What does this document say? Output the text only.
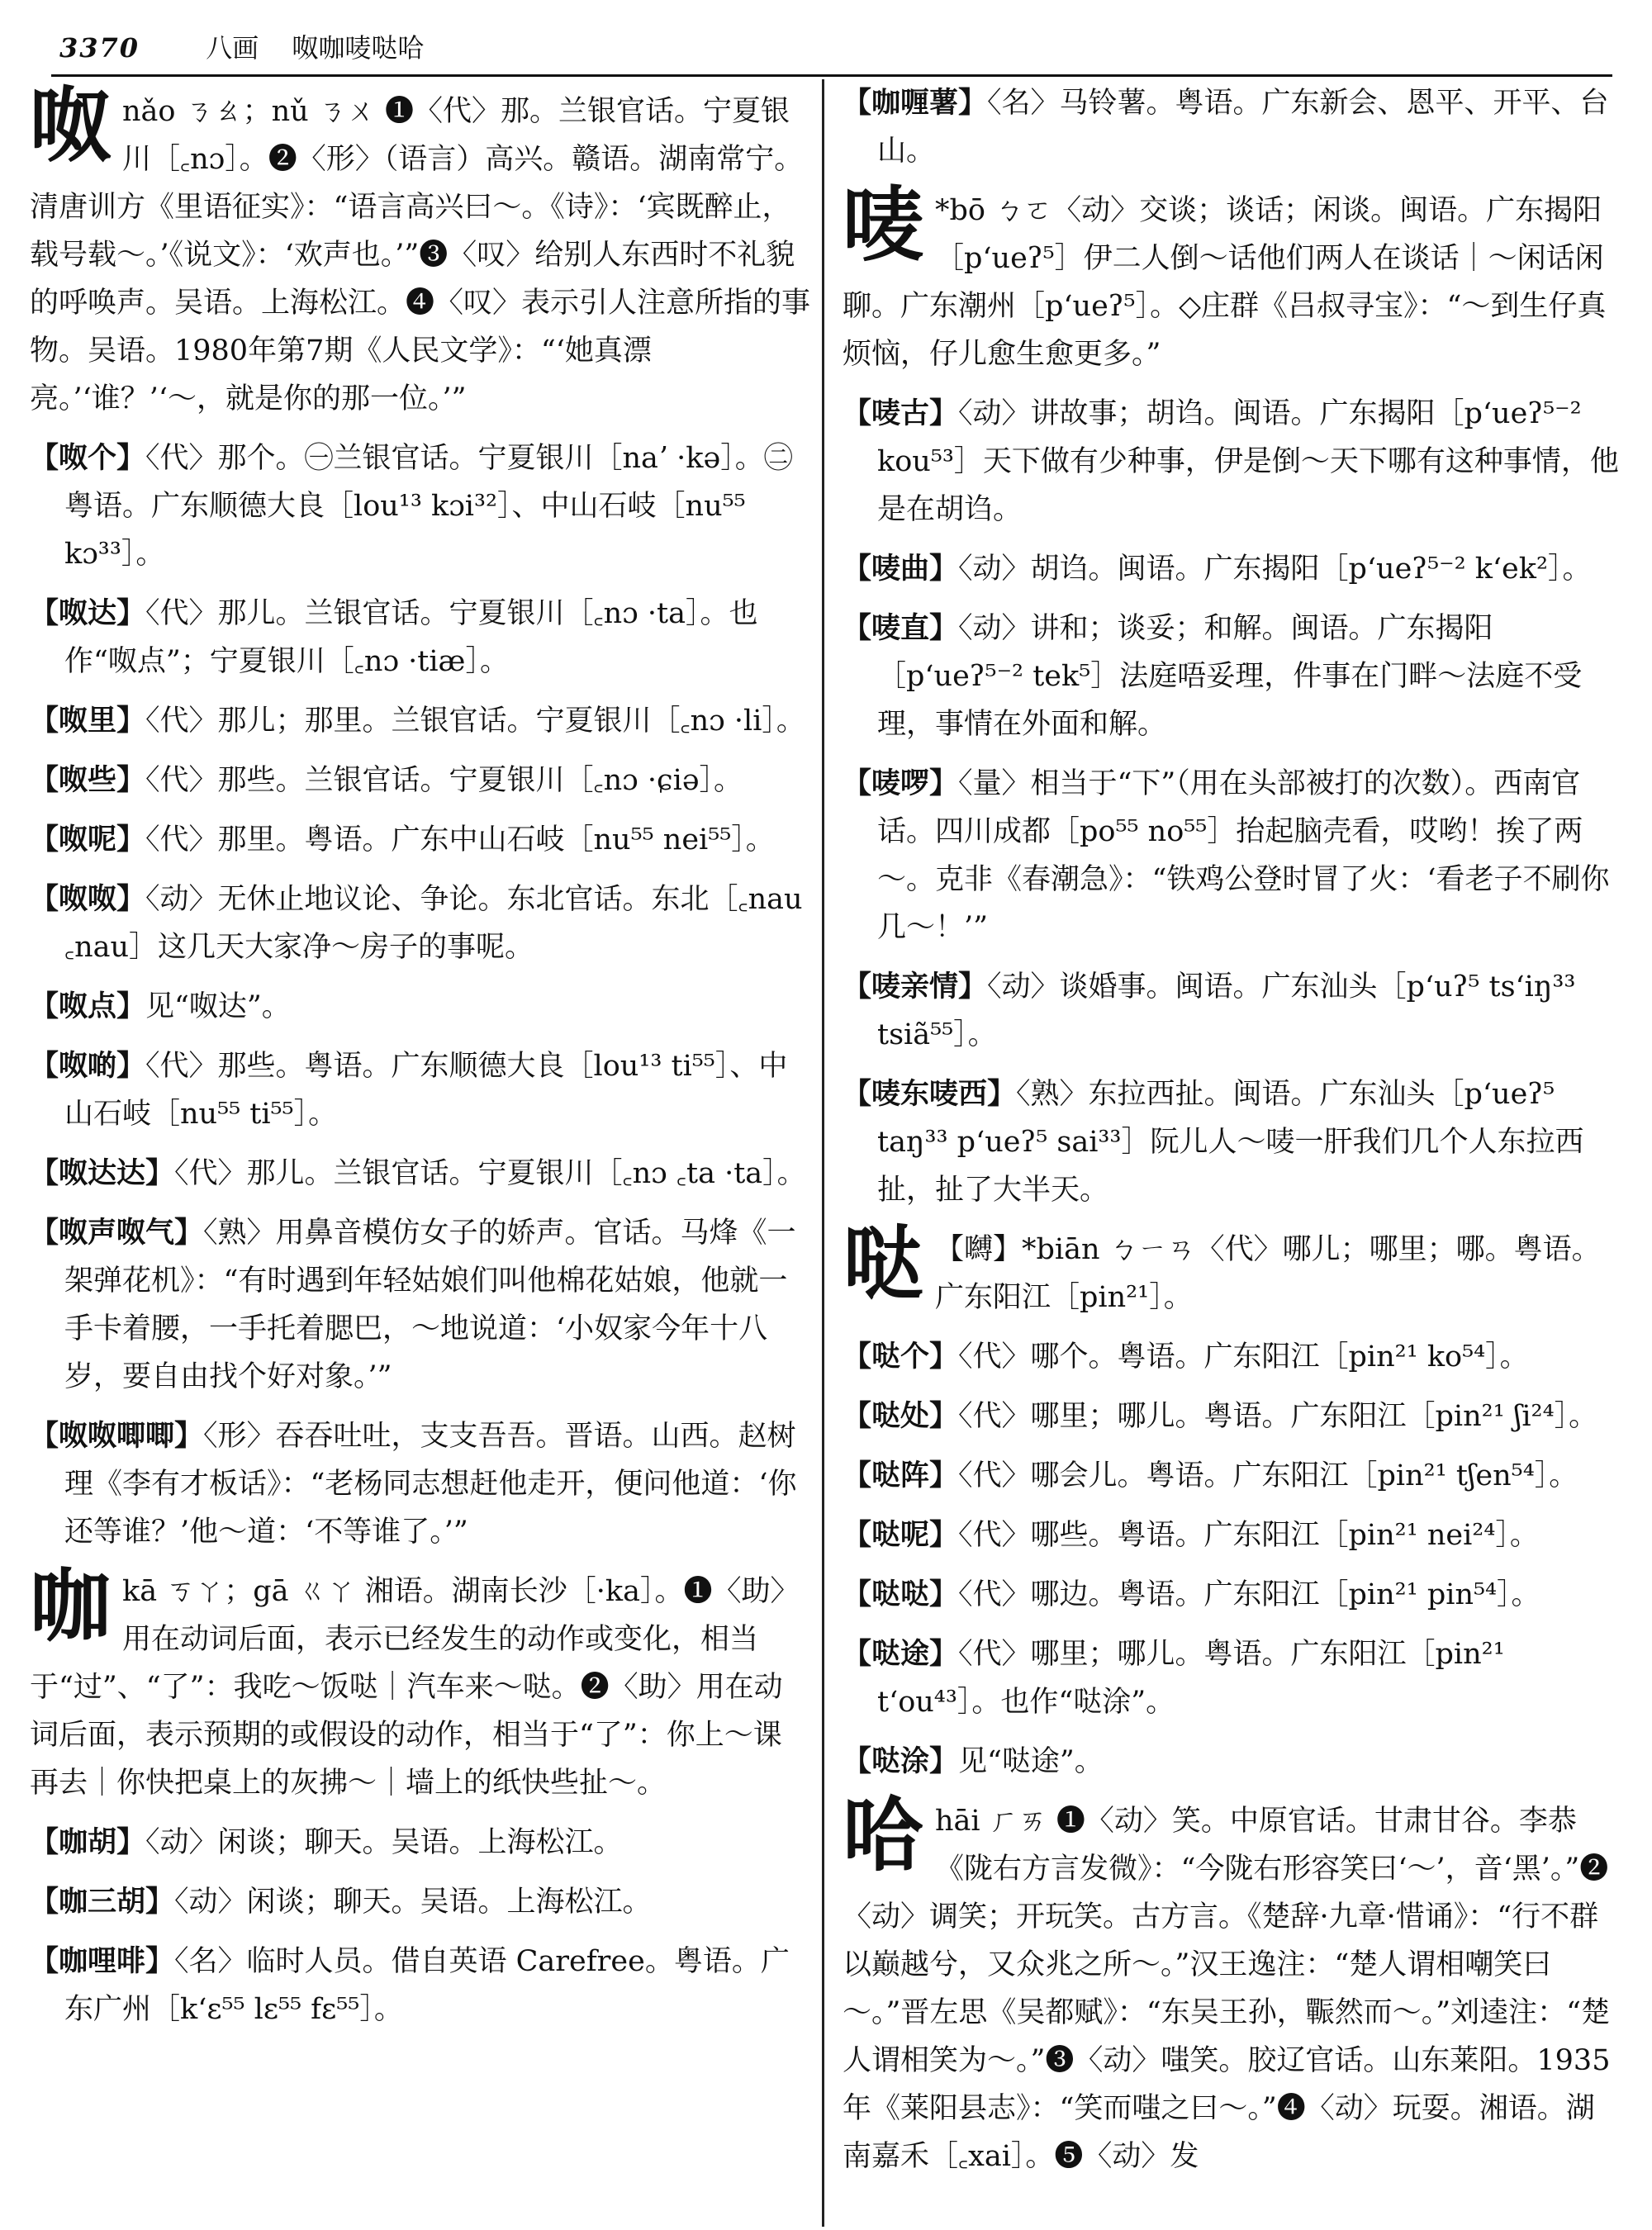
3370	八画 呶咖唛哒哈
呶nǎo ㄋㄠ；nǔ ㄋㄨ ❶〈代〉那。兰银官话。宁夏银川［꜀nɔ］。❷〈形〉（语言）高兴。赣语。湖南常宁。清唐训方《里语征实》：“语言高兴曰～。《诗》：‘宾既醉止，载号载～。’《说文》：‘欢声也。’”❸〈叹〉给别人东西时不礼貌的呼唤声。吴语。上海松江。❹〈叹〉表示引人注意所指的事物。吴语。1980年第7期《人民文学》：“‘她真漂亮。’‘谁？’‘～，就是你的那一位。’”
【呶个】〈代〉那个。㊀兰银官话。宁夏银川［naʼ ·kə］。㊁粤语。广东顺德大良［lou¹³ kɔi³²］、中山石岐［nu⁵⁵ kɔ³³］。
【呶达】〈代〉那儿。兰银官话。宁夏银川［꜀nɔ ·ta］。也作“呶点”；宁夏银川［꜀nɔ ·tiæ］。
【呶里】〈代〉那儿；那里。兰银官话。宁夏银川［꜀nɔ ·li］。
【呶些】〈代〉那些。兰银官话。宁夏银川［꜀nɔ ·ɕiə］。
【呶呢】〈代〉那里。粤语。广东中山石岐［nu⁵⁵ nei⁵⁵］。
【呶呶】〈动〉无休止地议论、争论。东北官话。东北［꜀nau ꜀nau］这几天大家净～房子的事呢。
【呶点】见“呶达”。
【呶啲】〈代〉那些。粤语。广东顺德大良［lou¹³ ti⁵⁵］、中山石岐［nu⁵⁵ ti⁵⁵］。
【呶达达】〈代〉那儿。兰银官话。宁夏银川［꜀nɔ ꜀ta ·ta］。
【呶声呶气】〈熟〉用鼻音模仿女子的娇声。官话。马烽《一架弹花机》：“有时遇到年轻姑娘们叫他棉花姑娘，他就一手卡着腰，一手托着腮巴，～地说道：‘小奴家今年十八岁，要自由找个好对象。’”
【呶呶唧唧】〈形〉吞吞吐吐，支支吾吾。晋语。山西。赵树理《李有才板话》：“老杨同志想赶他走开，便问他道：‘你还等谁？’他～道：‘不等谁了。’”
咖kā ㄎㄚ；gā ㄍㄚ 湘语。湖南长沙［·ka］。❶〈助〉用在动词后面，表示已经发生的动作或变化，相当于“过”、“了”：我吃～饭哒｜汽车来～哒。❷〈助〉用在动词后面，表示预期的或假设的动作，相当于“了”：你上～课再去｜你快把桌上的灰拂～｜墙上的纸快些扯～。
【咖胡】〈动〉闲谈；聊天。吴语。上海松江。
【咖三胡】〈动〉闲谈；聊天。吴语。上海松江。
【咖哩啡】〈名〉临时人员。借自英语 Carefree。粤语。广东广州［k‘ɛ⁵⁵ lɛ⁵⁵ fɛ⁵⁵］。
【咖喱薯】〈名〉马铃薯。粤语。广东新会、恩平、开平、台山。
唛 *bō ㄅㄛ〈动〉交谈；谈话；闲谈。闽语。广东揭阳［p‘ueʔ⁵］伊二人倒～话他们两人在谈话｜～闲话闲聊。广东潮州［p‘ueʔ⁵］。◇庄群《吕叔寻宝》：“～到生仔真烦恼，仔儿愈生愈更多。”
【唛古】〈动〉讲故事；胡诌。闽语。广东揭阳［p‘ueʔ⁵⁻² kou⁵³］天下做有少种事，伊是倒～天下哪有这种事情，他是在胡诌。
【唛曲】〈动〉胡诌。闽语。广东揭阳［p‘ueʔ⁵⁻² k‘ek²］。
【唛直】〈动〉讲和；谈妥；和解。闽语。广东揭阳［p‘ueʔ⁵⁻² tek⁵］法庭唔妥理，件事在门畔～法庭不受理，事情在外面和解。
【唛啰】〈量〉相当于“下”（用在头部被打的次数）。西南官话。四川成都［po⁵⁵ no⁵⁵］抬起脑壳看，哎哟！挨了两～。克非《春潮急》：“铁鸡公登时冒了火：‘看老子不刷你几～！’”
【唛亲情】〈动〉谈婚事。闽语。广东汕头［p‘uʔ⁵ ts‘iŋ³³ tsiã⁵⁵］。
【唛东唛西】〈熟〉东拉西扯。闽语。广东汕头［p‘ueʔ⁵ taŋ³³ p‘ueʔ⁵ sai³³］阮儿人～唛一肝我们几个人东拉西扯，扯了大半天。
哒 【嚩】*biān ㄅㄧㄢ〈代〉哪儿；哪里；哪。粤语。广东阳江［pin²¹］。
【哒个】〈代〉哪个。粤语。广东阳江［pin²¹ ko⁵⁴］。
【哒处】〈代〉哪里；哪儿。粤语。广东阳江［pin²¹ ʃi²⁴］。
【哒阵】〈代〉哪会儿。粤语。广东阳江［pin²¹ tʃen⁵⁴］。
【哒呢】〈代〉哪些。粤语。广东阳江［pin²¹ nei²⁴］。
【哒哒】〈代〉哪边。粤语。广东阳江［pin²¹ pin⁵⁴］。
【哒途】〈代〉哪里；哪儿。粤语。广东阳江［pin²¹ t‘ou⁴³］。也作“哒涂”。
【哒涂】见“哒途”。
哈hāi ㄏㄞ ❶〈动〉笑。中原官话。甘肃甘谷。李恭《陇右方言发微》：“今陇右形容笑曰‘～’，音‘黑’。”❷〈动〉调笑；开玩笑。古方言。《楚辞·九章·惜诵》：“行不群以巅越兮，又众兆之所～。”汉王逸注：“楚人谓相嘲笑曰～。”晋左思《吴都赋》：“东吴王孙，辴然而～。”刘逵注：“楚人谓相笑为～。”❸〈动〉嗤笑。胶辽官话。山东莱阳。1935年《莱阳县志》：“笑而嗤之曰～。”❹〈动〉玩耍。湘语。湖南嘉禾［꜀xai］。❺〈动〉发
